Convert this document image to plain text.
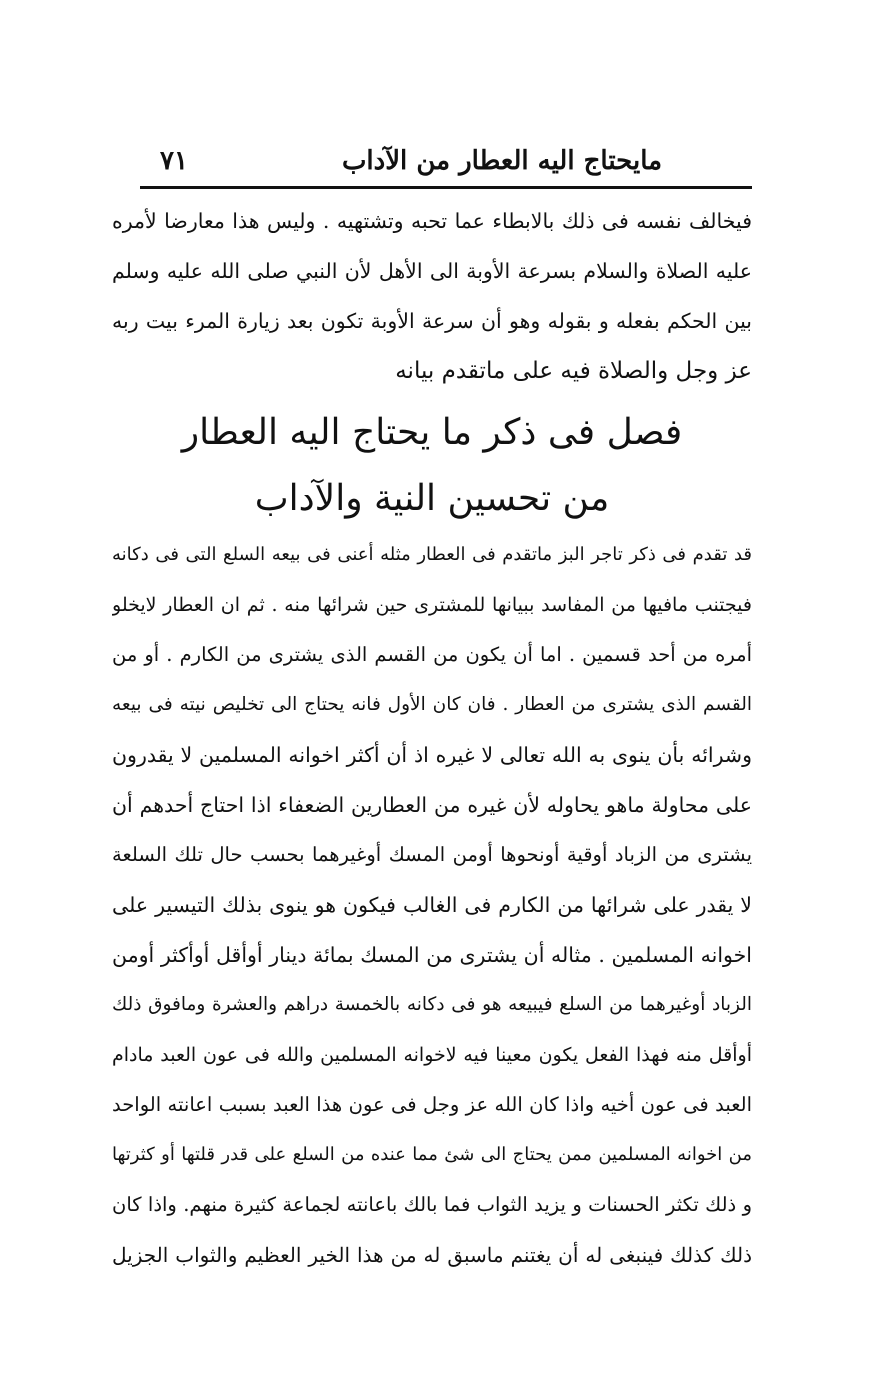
٧١	مايحتاج اليه العطار من الآداب
فيخالف نفسه فى ذلك بالابطاء عما تحبه وتشتهيه . وليس هذا معارضا لأمره
عليه الصلاة والسلام بسرعة الأوبة الى الأهل لأن النبي صلى الله عليه وسلم
بين الحكم بفعله و بقوله وهو أن سرعة الأوبة تكون بعد زيارة المرء بيت ربه
عز وجل والصلاة فيه على ماتقدم بيانه
فصل فى ذكر ما يحتاج اليه العطار
من تحسين النية والآداب
قد تقدم فى ذكر تاجر البز ماتقدم فى العطار مثله أعنى فى بيعه السلع التى فى دكانه
فيجتنب مافيها من المفاسد ببيانها للمشترى حين شرائها منه . ثم ان العطار لايخلو
أمره من أحد قسمين . اما أن يكون من القسم الذى يشترى من الكارم . أو من
القسم الذى يشترى من العطار . فان كان الأول فانه يحتاج الى تخليص نيته فى بيعه
وشرائه بأن ينوى به الله تعالى لا غيره اذ أن أكثر اخوانه المسلمين لا يقدرون
على محاولة ماهو يحاوله لأن غيره من العطارين الضعفاء اذا احتاج أحدهم أن
يشترى من الزباد أوقية أونحوها أومن المسك أوغيرهما بحسب حال تلك السلعة
لا يقدر على شرائها من الكارم فى الغالب فيكون هو ينوى بذلك التيسير على
اخوانه المسلمين . مثاله أن يشترى من المسك بمائة دينار أوأقل أوأكثر أومن
الزباد أوغيرهما من السلع فيبيعه هو فى دكانه بالخمسة دراهم والعشرة ومافوق ذلك
أوأقل منه فهذا الفعل يكون معينا فيه لاخوانه المسلمين والله فى عون العبد مادام
العبد فى عون أخيه واذا كان الله عز وجل فى عون هذا العبد بسبب اعانته الواحد
من اخوانه المسلمين ممن يحتاج الى شئ مما عنده من السلع على قدر قلتها أو كثرتها
و ذلك تكثر الحسنات و يزيد الثواب فما بالك باعانته لجماعة كثيرة منهم. واذا كان
ذلك كذلك فينبغى له أن يغتنم ماسبق له من هذا الخير العظيم والثواب الجزيل
